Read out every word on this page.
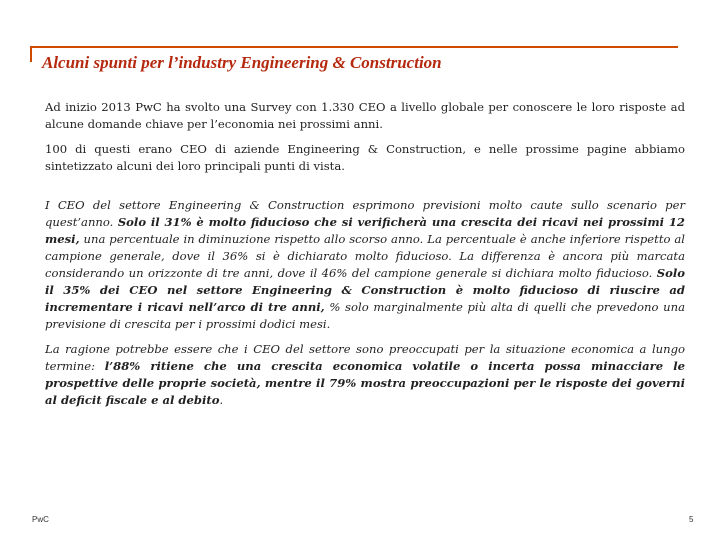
Alcuni spunti per l’industry Engineering & Construction

Ad inizio 2013 PwC ha svolto una Survey con 1.330 CEO a livello globale per conoscere le loro risposte ad alcune domande chiave per l’economia nei prossimi anni.

100 di questi erano CEO di aziende Engineering & Construction, e nelle prossime pagine abbiamo sintetizzato alcuni dei loro principali punti di vista.

I CEO del settore Engineering & Construction esprimono previsioni molto caute sullo scenario per quest’anno. Solo il 31% è molto fiducioso che si verificherà una crescita dei ricavi nei prossimi 12 mesi, una percentuale in diminuzione rispetto allo scorso anno. La percentuale è anche inferiore rispetto al campione generale, dove il 36% si è dichiarato molto fiducioso. La differenza è ancora più marcata considerando un orizzonte di tre anni, dove il 46% del campione generale si dichiara molto fiducioso. Solo il 35% dei CEO nel settore Engineering & Construction è molto fiducioso di riuscire ad incrementare i ricavi nell’arco di tre anni, % solo marginalmente più alta di quelli che prevedono una previsione di crescita per i prossimi dodici mesi.

La ragione potrebbe essere che i CEO del settore sono preoccupati per la situazione economica a lungo termine: l’88% ritiene che una crescita economica volatile o incerta possa minacciare le prospettive delle proprie società, mentre il 79% mostra preoccupazioni per le risposte dei governi al deficit fiscale e al debito.

PwC	5
